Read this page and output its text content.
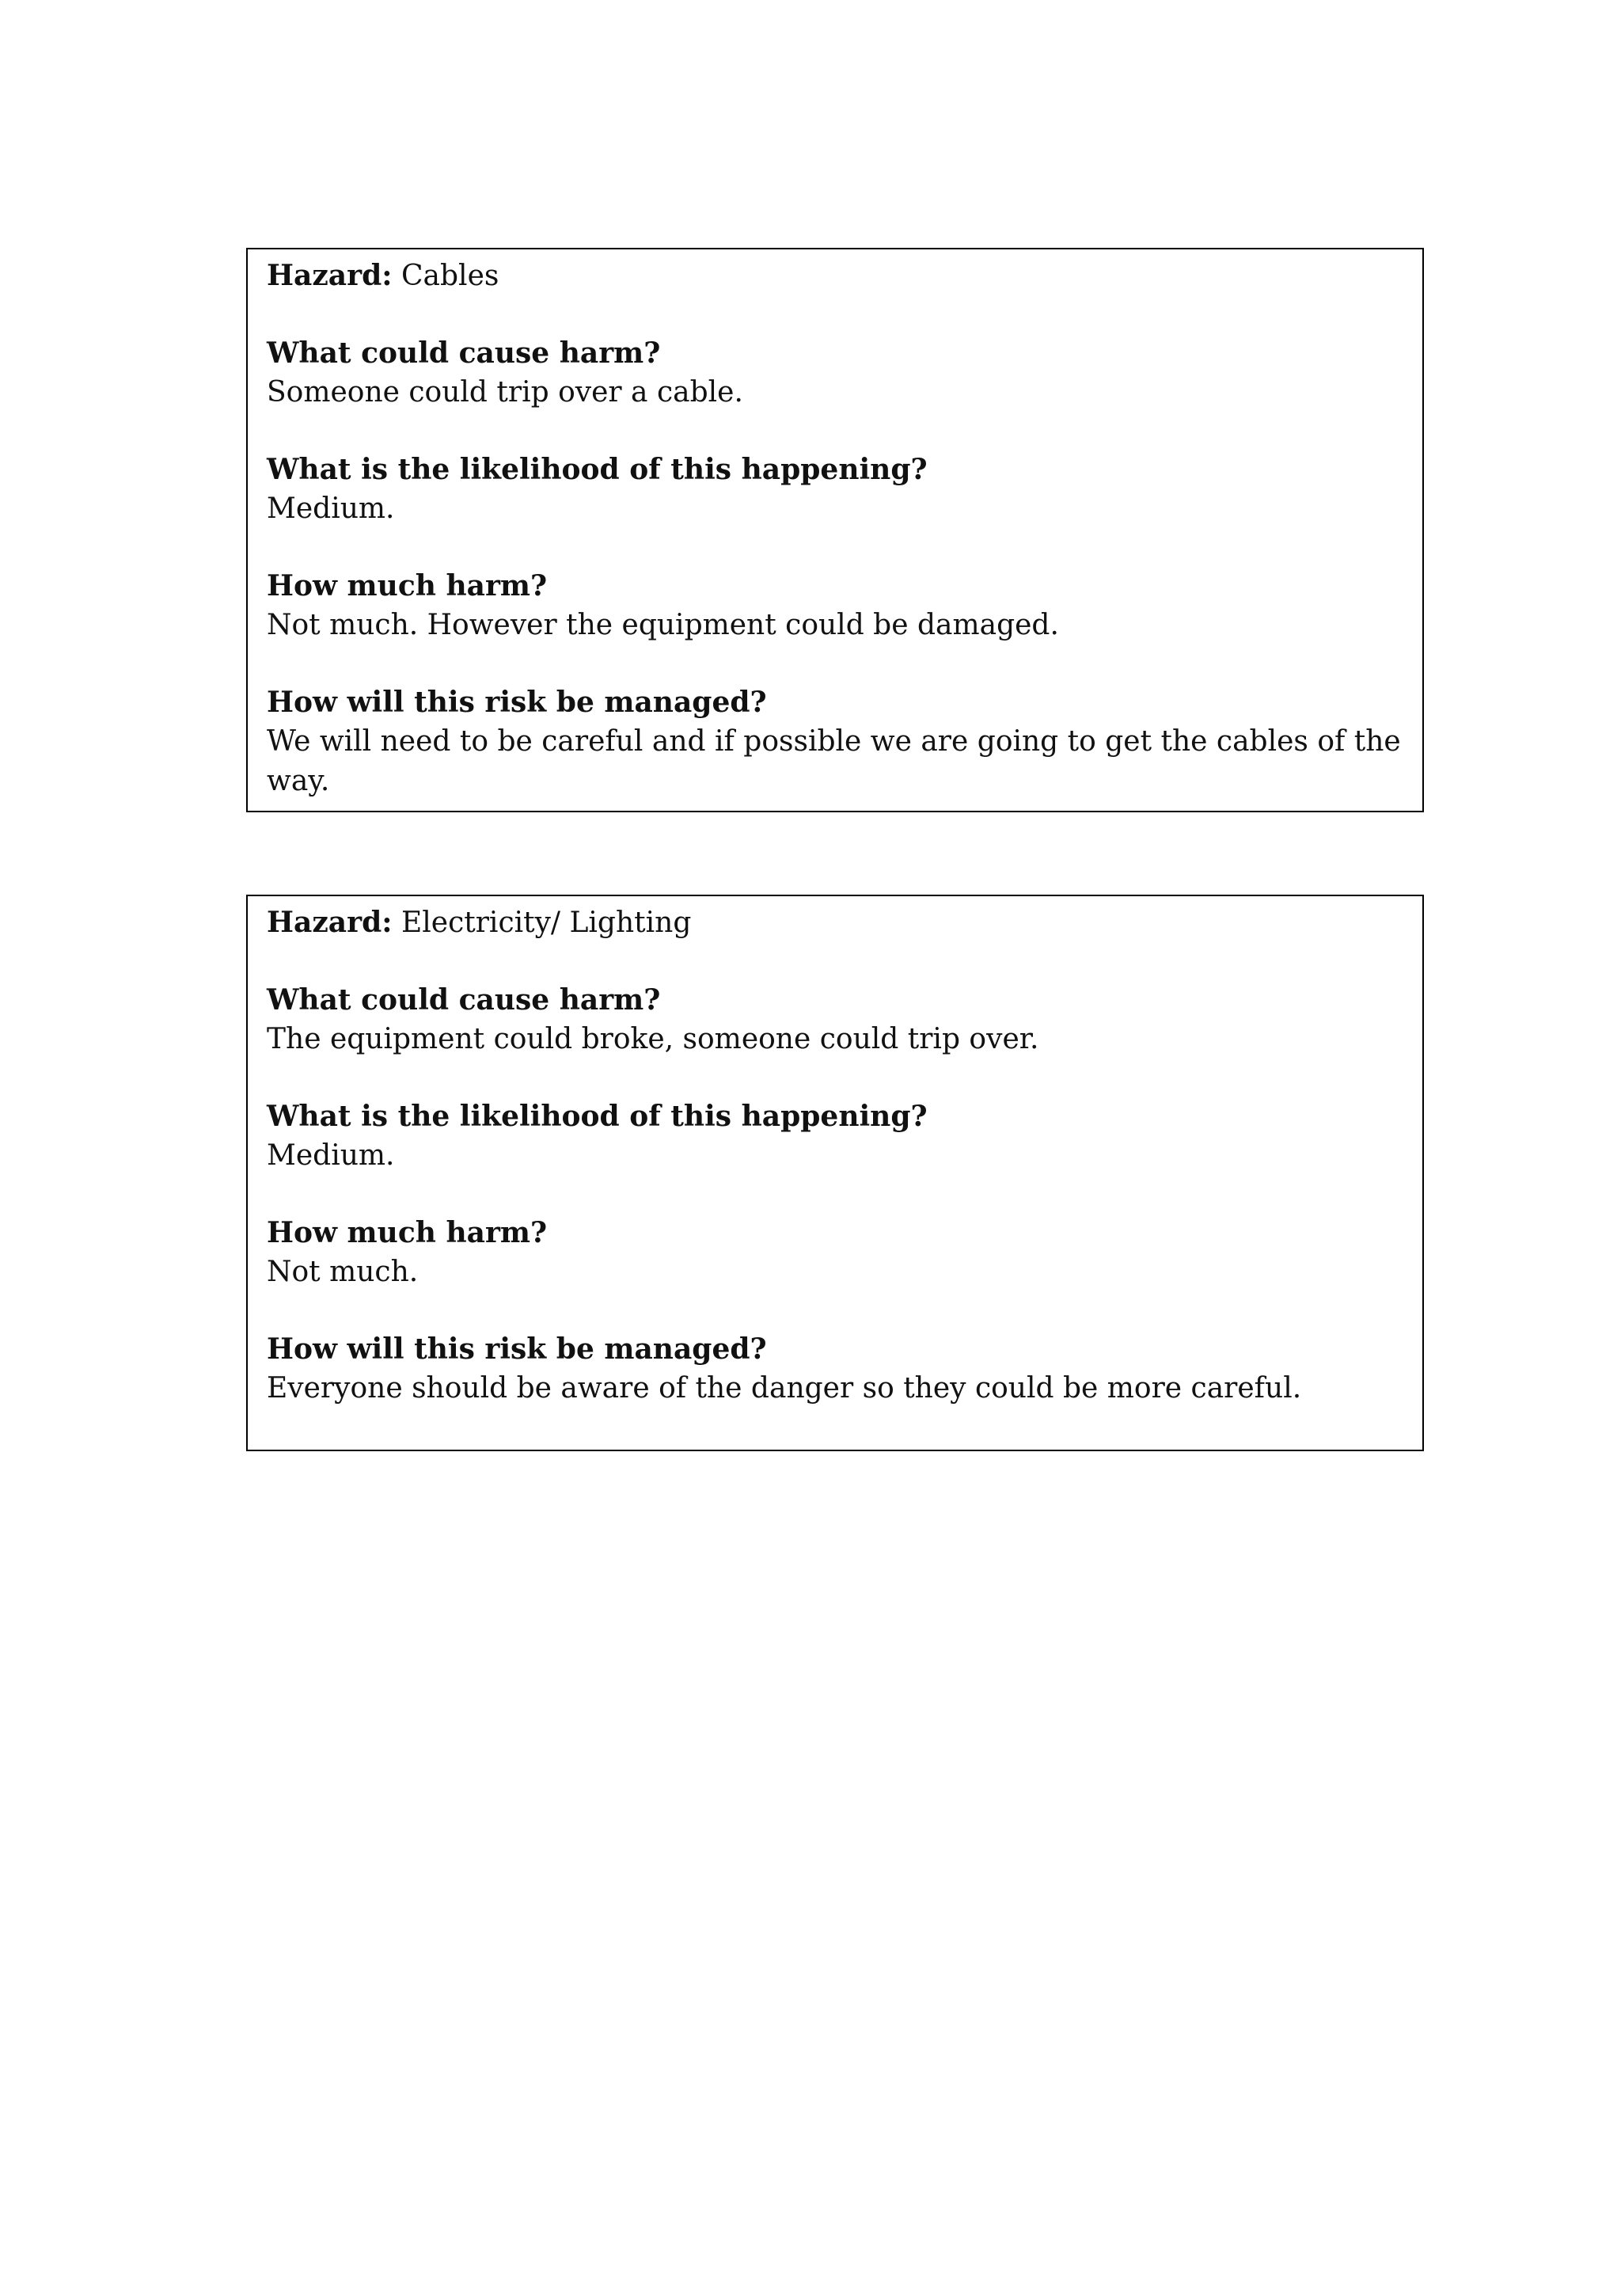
Hazard: Cables
What could cause harm?
Someone could trip over a cable.
What is the likelihood of this happening?
Medium.
How much harm?
Not much. However the equipment could be damaged.
How will this risk be managed?
We will need to be careful and if possible we are going to get the cables of the way.
Hazard: Electricity/ Lighting
What could cause harm?
The equipment could broke, someone could trip over.
What is the likelihood of this happening?
Medium.
How much harm?
Not much.
How will this risk be managed?
Everyone should be aware of the danger so they could be more careful.
